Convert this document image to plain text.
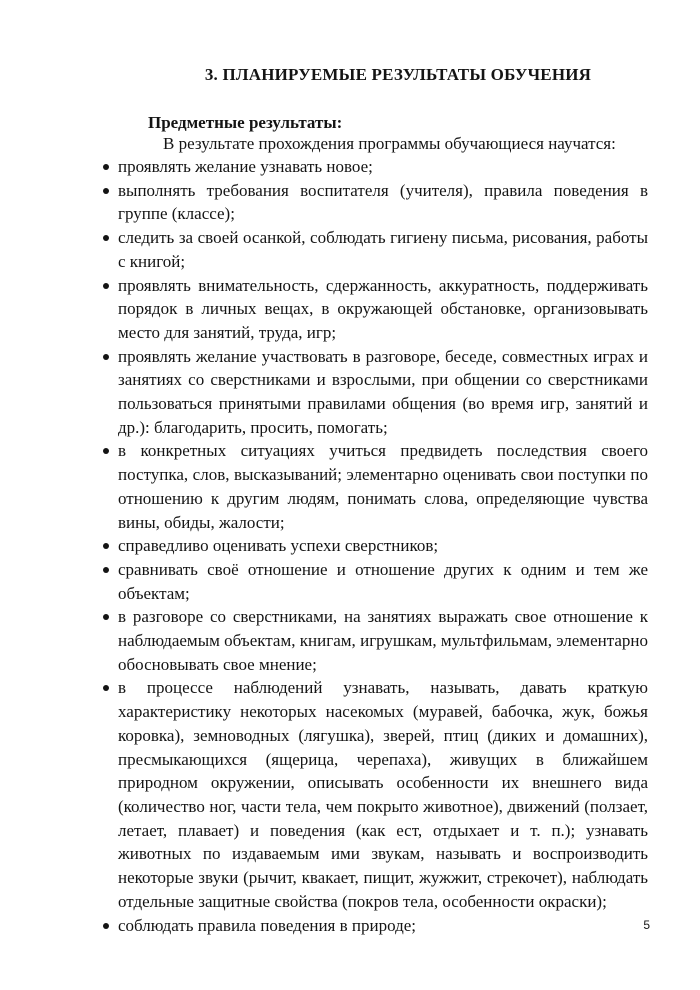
3. ПЛАНИРУЕМЫЕ РЕЗУЛЬТАТЫ ОБУЧЕНИЯ
Предметные результаты:
В результате прохождения программы обучающиеся научатся:
проявлять желание узнавать новое;
выполнять требования воспитателя (учителя), правила поведения в группе (классе);
следить за своей осанкой, соблюдать гигиену письма, рисования, работы с книгой;
проявлять внимательность, сдержанность, аккуратность, поддерживать порядок в личных вещах, в окружающей обстановке, организовывать место для занятий, труда, игр;
проявлять желание участвовать в разговоре, беседе, совместных играх и занятиях со сверстниками и взрослыми, при общении со сверстниками пользоваться принятыми правилами общения (во время игр, занятий и др.): благодарить, просить, помогать;
в конкретных ситуациях учиться предвидеть последствия своего поступка, слов, высказываний; элементарно оценивать свои поступки по отношению к другим людям, понимать слова, определяющие чувства вины, обиды, жалости;
справедливо оценивать успехи сверстников;
сравнивать своё отношение и отношение других к одним и тем же объектам;
в разговоре со сверстниками, на занятиях выражать свое отношение к наблюдаемым объектам, книгам, игрушкам, мультфильмам, элементарно обосновывать свое мнение;
в процессе наблюдений узнавать, называть, давать краткую характеристику некоторых насекомых (муравей, бабочка, жук, божья коровка), земноводных (лягушка), зверей, птиц (диких и домашних), пресмыкающихся (ящерица, черепаха), живущих в ближайшем природном окружении, описывать особенности их внешнего вида (количество ног, части тела, чем покрыто животное), движений (ползает, летает, плавает) и поведения (как ест, отдыхает и т. п.); узнавать животных по издаваемым ими звукам, называть и воспроизводить некоторые звуки (рычит, квакает, пищит, жужжит, стрекочет), наблюдать отдельные защитные свойства (покров тела, особенности окраски);
соблюдать правила поведения в природе;	5
